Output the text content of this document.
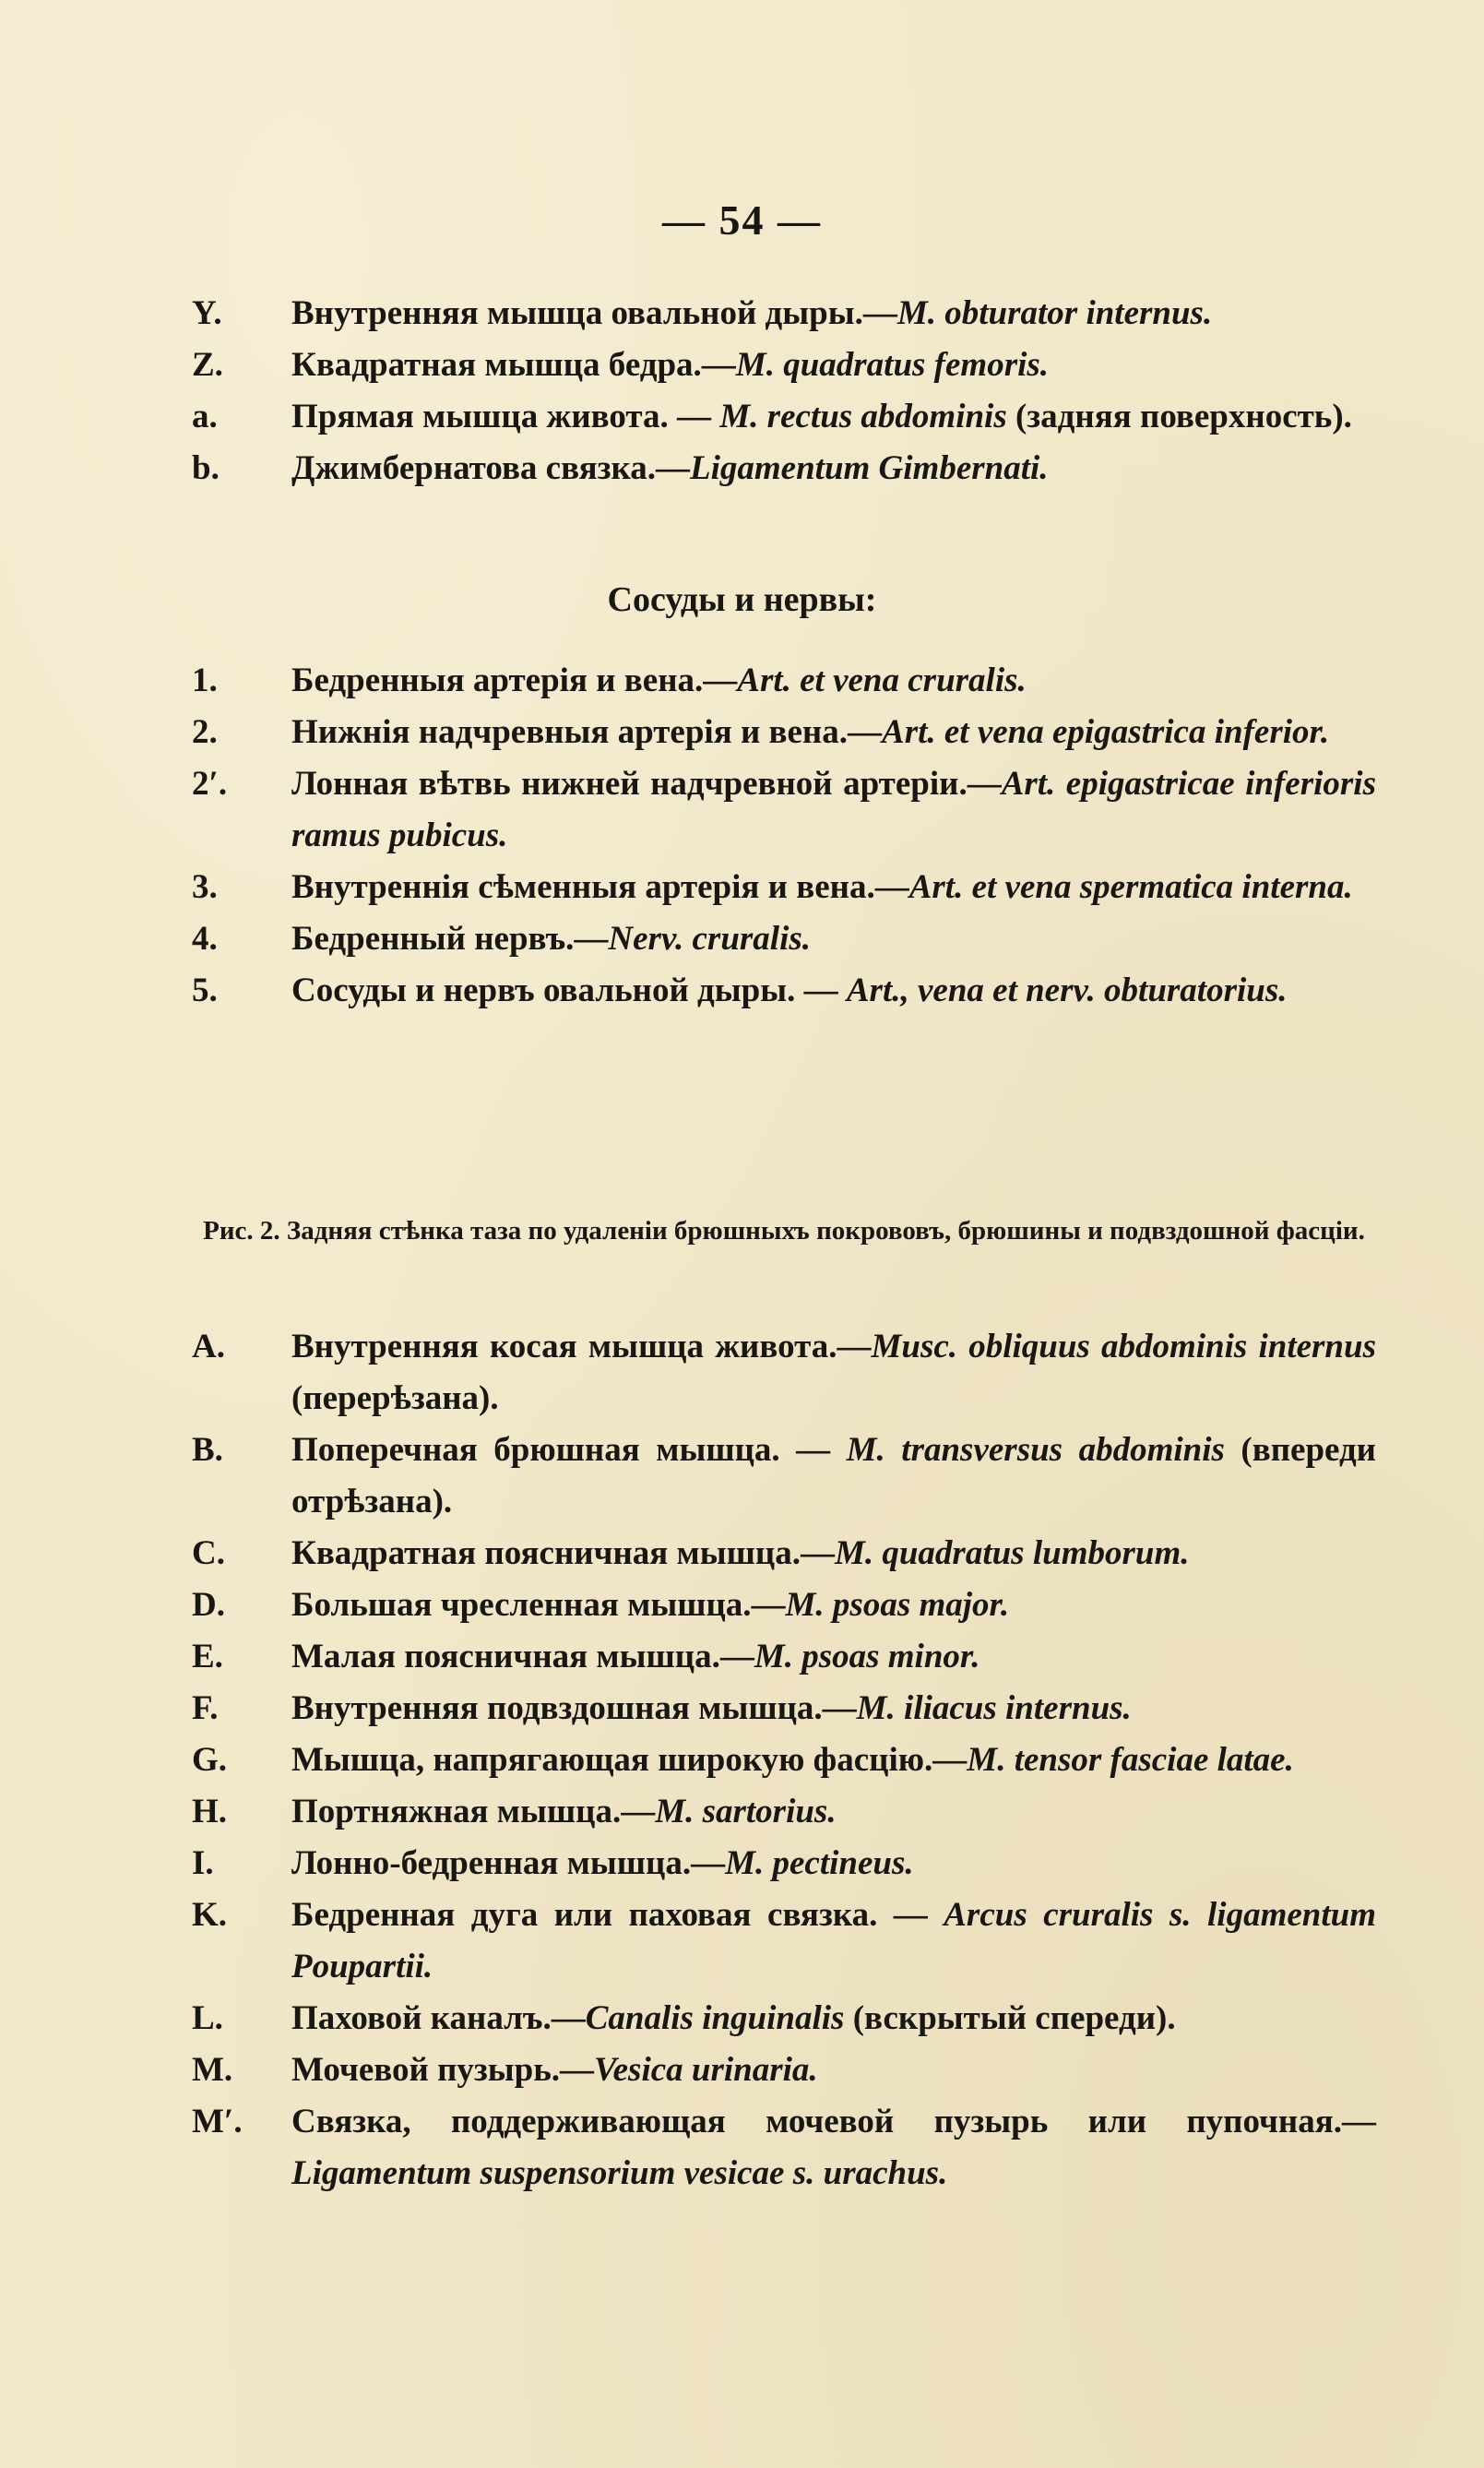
— 54 —
Y.	Внутренняя мышца овальной дыры.—M. obturator internus.
Z.	Квадратная мышца бедра.—M. quadratus femoris.
a.	Прямая мышца живота. — M. rectus abdominis (задняя поверхность).
b.	Джимбернатова связка.—Ligamentum Gimbernati.
Сосуды и нервы:
1.	Бедренныя артерія и вена.—Art. et vena cruralis.
2.	Нижнія надчревныя артерія и вена.—Art. et vena epigastrica inferior.
2′.	Лонная вѣтвь нижней надчревной артеріи.—Art. epigastricae inferioris ramus pubicus.
3.	Внутреннія сѣменныя артерія и вена.—Art. et vena spermatica interna.
4.	Бедренный нервъ.—Nerv. cruralis.
5.	Сосуды и нервъ овальной дыры. — Art., vena et nerv. obturatorius.
Рис. 2. Задняя стѣнка таза по удаленіи брюшныхъ покрововъ, брюшины и подвздошной фасціи.
A.	Внутренняя косая мышца живота.—Musc. obliquus abdominis internus (перерѣзана).
B.	Поперечная брюшная мышца. — M. transversus abdominis (впереди отрѣзана).
C.	Квадратная поясничная мышца.—M. quadratus lumborum.
D.	Большая чресленная мышца.—M. psoas major.
E.	Малая поясничная мышца.—M. psoas minor.
F.	Внутренняя подвздошная мышца.—M. iliacus internus.
G.	Мышца, напрягающая широкую фасцію.—M. tensor fasciae latae.
H.	Портняжная мышца.—M. sartorius.
I.	Лонно-бедренная мышца.—M. pectineus.
K.	Бедренная дуга или паховая связка. — Arcus cruralis s. ligamentum Poupartii.
L.	Паховой каналъ.—Canalis inguinalis (вскрытый спереди).
M.	Мочевой пузырь.—Vesica urinaria.
M′.	Связка, поддерживающая мочевой пузырь или пупочная.—Ligamentum suspensorium vesicae s. urachus.
